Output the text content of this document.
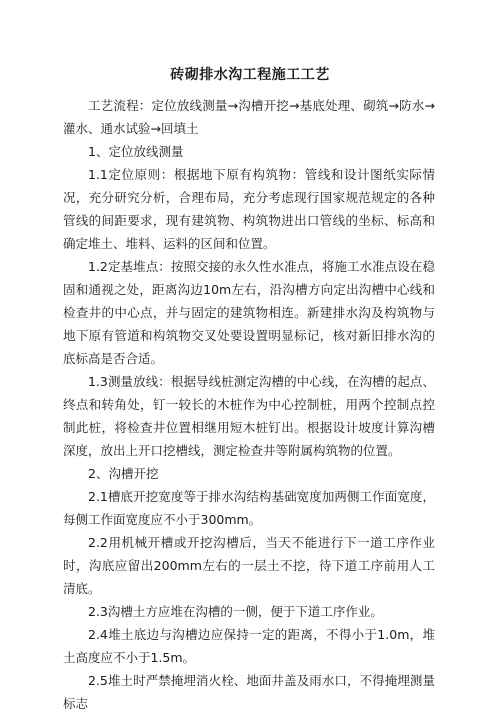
砖砌排水沟工程施工工艺

工艺流程：定位放线测量→沟槽开挖→基底处理、砌筑→防水→灌水、通水试验→回填土

1、定位放线测量

1.1定位原则：根据地下原有构筑物：管线和设计图纸实际情况，充分研究分析，合理布局，充分考虑现行国家规范规定的各种管线的间距要求，现有建筑物、构筑物进出口管线的坐标、标高和确定堆土、堆料、运料的区间和位置。

1.2定基堆点：按照交接的永久性水准点，将施工水准点设在稳固和通视之处，距离沟边10m左右，沿沟槽方向定出沟槽中心线和检查井的中心点，并与固定的建筑物相连。新建排水沟及构筑物与地下原有管道和构筑物交叉处要设置明显标记，核对新旧排水沟的底标高是否合适。

1.3测量放线：根据导线桩测定沟槽的中心线，在沟槽的起点、终点和转角处，钉一较长的木桩作为中心控制桩，用两个控制点控制此桩，将检查井位置相继用短木桩钉出。根据设计坡度计算沟槽深度，放出上开口挖槽线，测定检查井等附属构筑物的位置。

2、沟槽开挖

2.1槽底开挖宽度等于排水沟结构基础宽度加两侧工作面宽度，每侧工作面宽度应不小于300mm。

2.2用机械开槽或开挖沟槽后，当天不能进行下一道工序作业时，沟底应留出200mm左右的一层土不挖，待下道工序前用人工清底。

2.3沟槽土方应堆在沟槽的一侧，便于下道工序作业。

2.4堆土底边与沟槽边应保持一定的距离，不得小于1.0m，堆土高度应不小于1.5m。

2.5堆土时严禁掩埋消火栓、地面井盖及雨水口，不得掩埋测量标志
